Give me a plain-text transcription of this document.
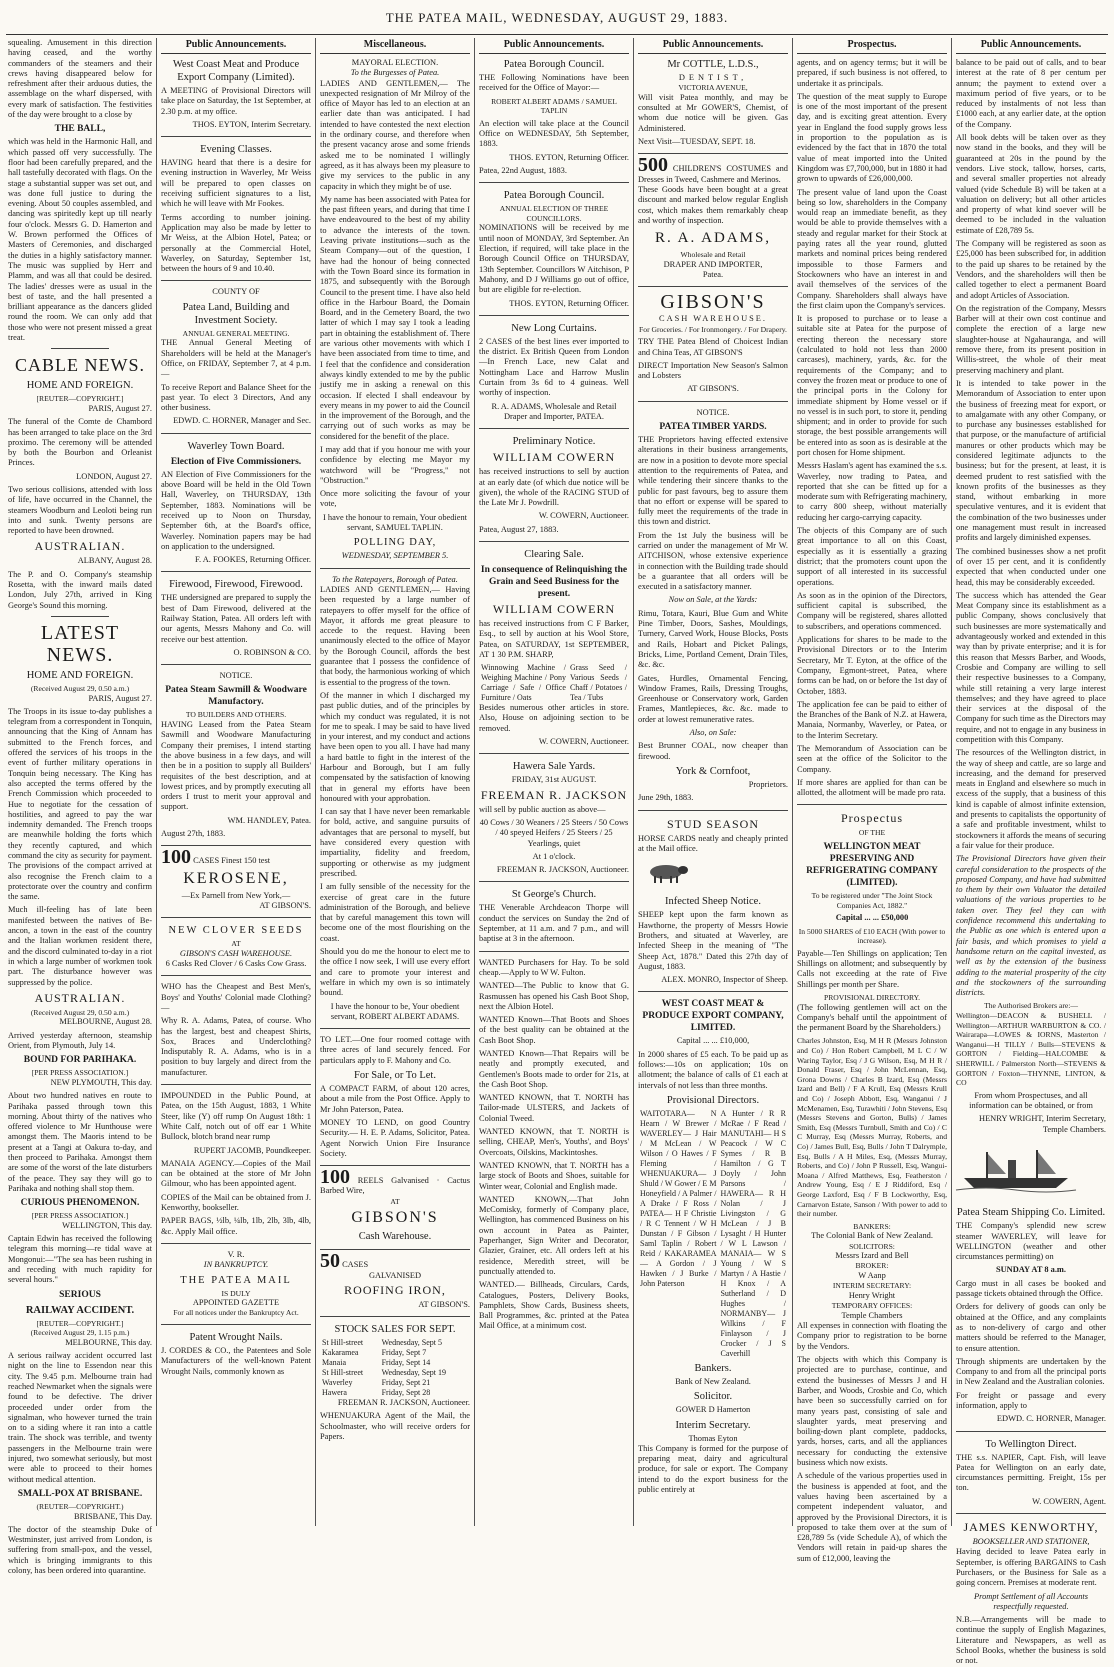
THE PATEA MAIL, WEDNESDAY, AUGUST 29, 1883.

squealing. Amusement in this direction having ceased, and the worthy commanders of the steamers and their crews having disappeared below for refreshment after their arduous duties, the assemblage on the wharf dispersed, with every mark of satisfaction. The festivities of the day were brought to a close by

THE BALL,

which was held in the Harmonic Hall, and which passed off very successfully. The floor had been carefully prepared, and the hall tastefully decorated with flags. On the stage a substantial supper was set out, and was done full justice to during the evening. About 50 couples assembled, and dancing was spiritedly kept up till nearly four o'clock. Messrs G. D. Hamerton and W. Brown performed the Offices of Masters of Ceremonies, and discharged the duties in a highly satisfactory manner. The music was supplied by Herr and Plamm, and was all that could be desired. The ladies' dresses were as usual in the best of taste, and the hall presented a brilliant appearance as the dancers glided round the room. We can only add that those who were not present missed a great treat.

CABLE NEWS.
HOME AND FOREIGN.
[REUTER—COPYRIGHT.]

PARIS, August 27.

The funeral of the Comte de Chambord has been arranged to take place on the 3rd proximo. The ceremony will be attended by both the Bourbon and Orleanist Princes.

LONDON, August 27.

Two serious collisions, attended with loss of life, have occurred in the Channel, the steamers Woodburn and Leoloti being run into and sunk. Twenty persons are reported to have been drowned.

AUSTRALIAN.

ALBANY, August 28.

The P. and O. Company's steamship Rosetta, with the inward mails dated London, July 27th, arrived in King George's Sound this morning.

LATEST NEWS.
HOME AND FOREIGN.
(Received August 29, 0.50 a.m.)

PARIS, August 27.

The Troops in its issue to-day publishes a telegram from a correspondent in Tonquin, announcing that the King of Annam has submitted to the French forces, and offered the services of his troops in the event of further military operations in Tonquin being necessary. The King has also accepted the terms offered by the French Commission which proceeded to Hue to negotiate for the cessation of hostilities, and agreed to pay the war indemnity demanded. The French troops are meanwhile holding the forts which they recently captured, and which command the city as security for payment. The provisions of the compact arrived at also recognise the French claim to a protectorate over the country and confirm the same.

Much ill-feeling has of late been manifested between the natives of Be-ancon, a town in the east of the country and the Italian workmen resident there, and the discord culminated to-day in a riot in which a large number of workmen took part. The disturbance however was suppressed by the police.

AUSTRALIAN.
(Received August 29, 0.50 a.m.)

MELBOURNE, August 28.

Arrived yesterday afternoon, steamship Orient, from Plymouth, July 14.

BOUND FOR PARIHAKA.
[PER PRESS ASSOCIATION.]

NEW PLYMOUTH, This day.

About two hundred natives en route to Parihaka passed through town this morning. About thirty of the natives who offered violence to Mr Hunthouse were amongst them. The Maoris intend to be present at a Tangi at Oakura to-day, and then proceed to Parihaka. Amongst them are some of the worst of the late disturbers of the peace. They say they will go to Parihaka and nothing shall stop them.

CURIOUS PHENOMENON.
[PER PRESS ASSOCIATION.]

WELLINGTON, This day.

Captain Edwin has received the following telegram this morning—re tidal wave at Mongonui:—"The sea has been rushing in and receding with much rapidity for several hours."

SERIOUS
RAILWAY ACCIDENT.
[REUTER—COPYRIGHT.]
(Received August 29, 1.15 p.m.)

MELBOURNE, This day.

A serious railway accident occurred last night on the line to Essendon near this city. The 9.45 p.m. Melbourne train had reached Newmarket when the signals were found to be defective. The driver proceeded under order from the signalman, who however turned the train on to a siding where it ran into a cattle train. The shock was terrible, and twenty passengers in the Melbourne train were injured, two somewhat seriously, but most were able to proceed to their homes without medical attention.

SMALL-POX AT BRISBANE.
(REUTER—COPYRIGHT.)

BRISBANE, This Day.

The doctor of the steamship Duke of Westminster, just arrived from London, is suffering from small-pox, and the vessel, which is bringing immigrants to this colony, has been ordered into quarantine.

Public Announcements.
West Coast Meat and Produce Export Company (Limited).

A MEETING of Provisional Directors will take place on Saturday, the 1st September, at 2.30 p.m. at my office.

THOS. EYTON, Interim Secretary.

Evening Classes.

HAVING heard that there is a desire for evening instruction in Waverley, Mr Weiss will be prepared to open classes on receiving sufficient signatures to a list, which he will leave with Mr Fookes.

Terms according to number joining. Application may also be made by letter to Mr Weiss, at the Albion Hotel, Patea; or personally at the Commercial Hotel, Waverley, on Saturday, September 1st, between the hours of 9 and 10.40.

COUNTY OF
Patea Land, Building and Investment Society.
ANNUAL GENERAL MEETING.

THE Annual General Meeting of Shareholders will be held at the Manager's Office, on FRIDAY, September 7, at 4 p.m.—

To receive Report and Balance Sheet for the past year. To elect 3 Directors, And any other business.

EDWD. C. HORNER, Manager and Sec.

Waverley Town Board.
Election of Five Commissioners.

AN Election of Five Commissioners for the above Board will be held in the Old Town Hall, Waverley, on THURSDAY, 13th September, 1883. Nominations will be received up to Noon on Thursday, September 6th, at the Board's office, Waverley. Nomination papers may be had on application to the undersigned.

F. A. FOOKES, Returning Officer.

Firewood, Firewood, Firewood.

THE undersigned are prepared to supply the best of Dam Firewood, delivered at the Railway Station, Patea. All orders left with our agents, Messrs Mahony and Co. will receive our best attention.

O. ROBINSON & CO.

NOTICE.
Patea Steam Sawmill & Woodware Manufactory.
TO BUILDERS AND OTHERS.

HAVING Leased from the Patea Steam Sawmill and Woodware Manufacturing Company their premises, I intend starting the above business in a few days, and will then be in a position to supply all Builders' requisites of the best description, and at lowest prices, and by promptly executing all orders I trust to merit your approval and support.

WM. HANDLEY, Patea.

August 27th, 1883.

100 CASES Finest 150 test
KEROSENE,
—Ex Parnell from New York,—
AT GIBSON'S.
NEW CLOVER SEEDS
AT
GIBSON'S CASH WAREHOUSE.
6 Casks Red Clover / 6 Casks Cow Grass.

WHO has the Cheapest and Best Men's, Boys' and Youths' Colonial made Clothing?—

Why R. A. Adams, Patea, of course. Who has the largest, best and cheapest Shirts, Sox, Braces and Underclothing? Indisputably R. A. Adams, who is in a position to buy largely and direct from the manufacturer.

IMPOUNDED in the Public Pound, at Patea, on the 15th August, 1883, 1 White Steer, like (Y) off rump On August 18th: 1 White Calf, notch out of off ear 1 White Bullock, blotch brand near rump

RUPERT JACOMB, Poundkeeper.

MANAIA AGENCY.—Copies of the Mail can be obtained at the store of Mr John Gilmour, who has been appointed agent.

COPIES of the Mail can be obtained from J. Kenworthy, bookseller.

PAPER BAGS, ½lb, ¼lb, 1lb, 2lb, 3lb, 4lb, &c. Apply Mail office.

V. R.
IN BANKRUPTCY.
THE PATEA MAIL
IS DULY
APPOINTED GAZETTE
For all notices under the Bankruptcy Act.
Patent Wrought Nails.

J. CORDES & CO., the Patentees and Sole Manufacturers of the well-known Patent Wrought Nails, commonly known as

Miscellaneous.
MAYORAL ELECTION.
To the Burgesses of Patea.

LADIES AND GENTLEMEN,— The unexpected resignation of Mr Milroy of the office of Mayor has led to an election at an earlier date than was anticipated. I had intended to have contested the next election in the ordinary course, and therefore when the present vacancy arose and some friends asked me to be nominated I willingly agreed, as it has always been my pleasure to give my services to the public in any capacity in which they might be of use.

My name has been associated with Patea for the past fifteen years, and during that time I have endeavoured to the best of my ability to advance the interests of the town. Leaving private institutions—such as the Steam Company—out of the question, I have had the honour of being connected with the Town Board since its formation in 1875, and subsequently with the Borough Council to the present time. I have also held office in the Harbour Board, the Domain Board, and in the Cemetery Board, the two latter of which I may say I took a leading part in obtaining the establishment of. There are various other movements with which I have been associated from time to time, and I feel that the confidence and consideration always kindly extended to me by the public justify me in asking a renewal on this occasion. If elected I shall endeavour by every means in my power to aid the Council in the improvement of the Borough, and the carrying out of such works as may be considered for the benefit of the place.

I may add that if you honour me with your confidence by electing me Mayor my watchword will be "Progress," not "Obstruction."

Once more soliciting the favour of your vote,

I have the honour to remain, Your obedient servant, SAMUEL TAPLIN.

POLLING DAY,
WEDNESDAY, SEPTEMBER 5.
To the Ratepayers, Borough of Patea.

LADIES AND GENTLEMEN,— Having been requested by a large number of ratepayers to offer myself for the office of Mayor, it affords me great pleasure to accede to the request. Having been unanimously elected to the office of Mayor by the Borough Council, affords the best guarantee that I possess the confidence of that body, the harmonious working of which is essential to the progress of the town.

Of the manner in which I discharged my past public duties, and of the principles by which my conduct was regulated, it is not for me to speak. I may be said to have lived in your interest, and my conduct and actions have been open to you all. I have had many a hard battle to fight in the interest of the Harbour and Borough, but I am fully compensated by the satisfaction of knowing that in general my efforts have been honoured with your approbation.

I can say that I have never been remarkable for bold, active, and sanguine pursuits of advantages that are personal to myself, but have considered every question with impartiality, fidelity and freedom, supporting or otherwise as my judgment prescribed.

I am fully sensible of the necessity for the exercise of great care in the future administration of the Borough, and believe that by careful management this town will become one of the most flourishing on the coast.

Should you do me the honour to elect me to the office I now seek, I will use every effort and care to promote your interest and welfare in which my own is so intimately bound.

I have the honour to be, Your obedient servant, ROBERT ALBERT ADAMS.

TO LET.—One four roomed cottage with three acres of land securely fenced. For particulars apply to F. Mahony and Co.

For Sale, or To Let.

A COMPACT FARM, of about 120 acres, about a mile from the Post Office. Apply to Mr John Paterson, Patea.

MONEY TO LEND, on good Country Security.— H. E. P. Adams, Solicitor, Patea. Agent Norwich Union Fire Insurance Society.

100 REELS Galvanised · Cactus Barbed Wire,
AT
GIBSON'S
Cash Warehouse.
50 CASES
GALVANISED
ROOFING IRON,
AT GIBSON'S.
STOCK SALES FOR SEPT.
St Hill-street	Wednesday, Sept 5
Kakaramea	Friday, Sept 7
Manaia	Friday, Sept 14
St Hill-street	Wednesday, Sept 19
Waverley	Friday, Sept 21
Hawera	Friday, Sept 28

FREEMAN R. JACKSON, Auctioneer.

WHENUAKURA Agent of the Mail, the Schoolmaster, who will receive orders for Papers.

Public Announcements.
Patea Borough Council.

THE Following Nominations have been received for the Office of Mayor:—

ROBERT ALBERT ADAMS / SAMUEL TAPLIN

An election will take place at the Council Office on WEDNESDAY, 5th September, 1883.

THOS. EYTON, Returning Officer.

Patea, 22nd August, 1883.

Patea Borough Council.
ANNUAL ELECTION OF THREE COUNCILLORS.

NOMINATIONS will be received by me until noon of MONDAY, 3rd September. An Election, if required, will take place in the Borough Council Office on THURSDAY, 13th September. Councillors W Aitchison, P Mahony, and D J Williams go out of office, but are eligible for re-election.

THOS. EYTON, Returning Officer.

New Long Curtains.

2 CASES of the best lines ever imported to the district. Ex British Queen from London—In French Lace, new Calat and Nottingham Lace and Harrow Muslin Curtain from 3s 6d to 4 guineas. Well worthy of inspection.

R. A. ADAMS, Wholesale and Retail Draper and Importer, PATEA.

Preliminary Notice.
WILLIAM COWERN

has received instructions to sell by auction at an early date (of which due notice will be given), the whole of the RACING STUD of the Late Mr J. Powdrill.

W. COWERN, Auctioneer.

Patea, August 27, 1883.

Clearing Sale.
In consequence of Relinquishing the Grain and Seed Business for the present.
WILLIAM COWERN

has received instructions from C F Barker, Esq., to sell by auction at his Wool Store, Patea, on SATURDAY, 1st SEPTEMBER, AT 1 30 P.M. SHARP,

Winnowing Machine / Weighing Machine / Pony Carriage / Safe / Office Furniture / Oats	Grass Seed / Various Seeds / Chaff / Potatoes / Tea / Tubs

Besides numerous other articles in store. Also, House on adjoining section to be removed.

W. COWERN, Auctioneer.

Hawera Sale Yards.
FRIDAY, 31st AUGUST.
FREEMAN R. JACKSON

will sell by public auction as above—

40 Cows / 30 Weaners / 25 Steers / 50 Cows / 40 speyed Heifers / 25 Steers / 25 Yearlings, quiet

At 1 o'clock.

FREEMAN R. JACKSON, Auctioneer.

St George's Church.

THE Venerable Archdeacon Thorpe will conduct the services on Sunday the 2nd of September, at 11 a.m. and 7 p.m., and will baptise at 3 in the afternoon.

WANTED Purchasers for Hay. To be sold cheap.—Apply to W W. Fulton.

WANTED—The Public to know that G. Rasmussen has opened his Cash Boot Shop, next the Albion Hotel.

WANTED Known—That Boots and Shoes of the best quality can be obtained at the Cash Boot Shop.

WANTED Known—That Repairs will be neatly and promptly executed, and Gentlemen's Boots made to order for 21s, at the Cash Boot Shop.

WANTED KNOWN, that T. NORTH has Tailor-made ULSTERS, and Jackets of Colonial Tweed.

WANTED KNOWN, that T. NORTH is selling, CHEAP, Men's, Youths', and Boys' Overcoats, Oilskins, Mackintoshes.

WANTED KNOWN, that T. NORTH has a large stock of Boots and Shoes, suitable for Winter wear, Colonial and English made.

WANTED KNOWN,—That John McComisky, formerly of Company place, Wellington, has commenced Business on his own account in Patea as Painter, Paperhanger, Sign Writer and Decorator, Glazier, Grainer, etc. All orders left at his residence, Meredith street, will be punctually attended to.

WANTED.— Billheads, Circulars, Cards, Catalogues, Posters, Delivery Books, Pamphlets, Show Cards, Business sheets, Ball Programmes, &c. printed at the Patea Mail Office, at a minimum cost.

Public Announcements.
Mr COTTLE, L.D.S.,
DENTIST,
VICTORIA AVENUE,

Will visit Patea monthly, and may be consulted at Mr GOWER'S, Chemist, of whom due notice will be given. Gas Administered.

Next Visit—TUESDAY, SEPT. 18.

500 CHILDREN'S COSTUMES and Dresses in Tweed, Cashmere and Merinos.

These Goods have been bought at a great discount and marked below regular English cost, which makes them remarkably cheap and worthy of inspection.

R. A. ADAMS,
Wholesale and Retail
DRAPER AND IMPORTER,
Patea.
GIBSON'S
CASH WAREHOUSE.

For Groceries. / For Ironmongery. / For Drapery.

TRY THE Patea Blend of Choicest Indian and China Teas, AT GIBSON'S

DIRECT Importation New Season's Salmon and Lobsters

AT GIBSON'S.

NOTICE.
PATEA TIMBER YARDS.

THE Proprietors having effected extensive alterations in their business arrangements, are now in a position to devote more special attention to the requirements of Patea, and while tendering their sincere thanks to the public for past favours, beg to assure them that no effort or expense will be spared to fully meet the requirements of the trade in this town and district.

From the 1st July the business will be carried on under the management of Mr W. AITCHISON, whose extensive experience in connection with the Building trade should be a guarantee that all orders will be executed in a satisfactory manner.

Now on Sale, at the Yards:

Rimu, Totara, Kauri, Blue Gum and White Pine Timber, Doors, Sashes, Mouldings, Turnery, Carved Work, House Blocks, Posts and Rails, Hobart and Picket Palings, Bricks, Lime, Portland Cement, Drain Tiles, &c. &c.

Gates, Hurdles, Ornamental Fencing, Window Frames, Rails, Dressing Troughs, Greenhouse or Conservatory work, Garden Frames, Mantlepieces, &c. &c. made to order at lowest remunerative rates.

Also, on Sale:

Best Brunner COAL, now cheaper than firewood.

York & Cornfoot,

Proprietors.

June 29th, 1883.

STUD SEASON

HORSE CARDS neatly and cheaply printed at the Mail office.

Infected Sheep Notice.

SHEEP kept upon the farm known as Hawthorne, the property of Messrs Howie Brothers, and situated at Waverley, are Infected Sheep in the meaning of "The Sheep Act, 1878." Dated this 27th day of August, 1883.

ALEX. MONRO, Inspector of Sheep.

WEST COAST MEAT & PRODUCE EXPORT COMPANY, LIMITED.

Capital ... ... £10,000,

In 2000 shares of £5 each. To be paid up as follows:—10s on application; 10s on allotment; the balance of calls of £1 each at intervals of not less than three months.

Provisional Directors.
WAITOTARA— N Hearn / W Brewer / WAVERLEY— J Hair / M McLean / W Wilson / O Hawes / F Fleming / WHENUAKURA— J Shuld / W Gower / E M Honeyfield / A Palmer / A Drake / F Ross / PATEA— H F Christie / R C Tennent / W H Dunstan / F Gibson / Saml Taplin / Robert Reid / KAKARAMEA— A Gordon / J Hawken / J Burke / John Paterson	A Hunter / R R McRae / F Read / MANUTAHI— H S Peacock / W C Symes / R B Hamilton / G T Doyly / John Parsons / HAWERA— R H Nolan / J Livingston / G McLean / J B Lysaght / H Hunter / W L Lawson / MANAIA— W S Young / W S Martyn / A Hastie / H Knox / A Sutherland / D Hughes / NORMANBY— J Wilkins / F Finlayson / J Crocker / J S Caverhill
Bankers.
Bank of New Zealand.
Solicitor.
GOWER D Hamerton
Interim Secretary.
Thomas Eyton

This Company is formed for the purpose of preparing meat, dairy and agricultural produce, for sale or export. The Company intend to do the export business for the public entirely at

Prospectus.

agents, and on agency terms; but it will be prepared, if such business is not offered, to undertake it as principals.

The question of the meat supply to Europe is one of the most important of the present day, and is exciting great attention. Every year in England the food supply grows less in proportion to the population as is evidenced by the fact that in 1870 the total value of meat imported into the United Kingdom was £7,700,000, but in 1880 it had grown to upwards of £26,000,000.

The present value of land upon the Coast being so low, shareholders in the Company would reap an immediate benefit, as they would be able to provide themselves with a steady and regular market for their Stock at paying rates all the year round, glutted markets and nominal prices being rendered impossible to those Farmers and Stockowners who have an interest in and avail themselves of the services of the Company. Shareholders shall always have the first claim upon the Company's services.

It is proposed to purchase or to lease a suitable site at Patea for the purpose of erecting thereon the necessary store (calculated to hold not less than 2000 carcases), machinery, yards, &c. for the requirements of the Company; and to convey the frozen meat or produce to one of the principal ports in the Colony for immediate shipment by Home vessel or if no vessel is in such port, to store it, pending shipment; and in order to provide for such storage, the best possible arrangements will be entered into as soon as is desirable at the port chosen for Home shipment.

Messrs Haslam's agent has examined the s.s. Waverley, now trading to Patea, and reported that she can be fitted up for a moderate sum with Refrigerating machinery, to carry 800 sheep, without materially reducing her cargo-carrying capacity.

The objects of this Company are of such great importance to all on this Coast, especially as it is essentially a grazing district; that the promoters count upon the support of all interested in its successful operations.

As soon as in the opinion of the Directors, sufficient capital is subscribed, the Company will be registered, shares allotted to subscribers, and operations commenced.

Applications for shares to be made to the Provisional Directors or to the Interim Secretary, Mr T. Eyton, at the office of the Company, Egmont-street, Patea, where forms can be had, on or before the 1st day of October, 1883.

The application fee can be paid to either of the Branches of the Bank of N.Z. at Hawera, Manaia, Normanby, Waverley, or Patea, or to the Interim Secretary.

The Memorandum of Association can be seen at the office of the Solicitor to the Company.

If more shares are applied for than can be allotted, the allotment will be made pro rata.

Prospectus
OF THE
WELLINGTON MEAT PRESERVING AND REFRIGERATING COMPANY (LIMITED).

To be registered under "The Joint Stock Companies Act, 1882."

Capital ... ... £50,000

In 5000 SHARES of £10 EACH (With power to increase).

Payable—Ten Shillings on application; Ten Shillings on allotment; and subsequently by Calls not exceeding at the rate of Five Shillings per month per Share.

PROVISIONAL DIRECTORY.

(The following gentlemen will act on the Company's behalf until the appointment of the permanent Board by the Shareholders.)

Charles Johnston, Esq, M H R (Messrs Johnston and Co) / Hon Robert Campbell, M L C / W Waring Taylor, Esq / J G Wilson, Esq, M H R / Donald Fraser, Esq / John McLennan, Esq, Grona Downs / Charles B Izard, Esq (Messrs Izard and Bell) / F A Krull, Esq (Messrs Krull and Co) / Joseph Abbott, Esq, Wanganui / J McMenamen, Esq, Turawhiti / John Stevens, Esq (Messrs Stevens and Gorton, Bulls) / James Smith, Esq (Messrs Turnbull, Smith and Co) / C C Murray, Esq (Messrs Murray, Roberts, and Co) / James Bull, Esq, Bulls / John T Dalrymple, Esq, Bulls / A H Miles, Esq, (Messrs Murray, Roberts, and Co) / John P Russell, Esq, Wangui-Moana / Alfred Matthews, Esq, Featherston / Andrew Young, Esq / E J Riddiford, Esq / George Laxford, Esq / F B Lockworthy, Esq, Carnarvon Estate, Sanson / With power to add to their number.

BANKERS:
The Colonial Bank of New Zealand.
SOLICITORS:
Messrs Izard and Bell
BROKER:
W Aanp
INTERIM SECRETARY:
Henry Wright
TEMPORARY OFFICES:
Temple Chambers

All expenses in connection with floating the Company prior to registration to be borne by the Vendors.

The objects with which this Company is projected are to purchase, continue, and extend the businesses of Messrs J and H Barber, and Woods, Crosbie and Co, which have been so successfully carried on for many years past, consisting of sale and slaughter yards, meat preserving and boiling-down plant complete, paddocks, yards, horses, carts, and all the appliances necessary for conducting the extensive business which now exists.

A schedule of the various properties used in the business is appended at foot, and the values having been ascertained by a competent independent valuator, and approved by the Provisional Directors, it is proposed to take them over at the sum of £28,789 5s (vide Schedule A), of which the Vendors will retain in paid-up shares the sum of £12,000, leaving the

Public Announcements.

balance to be paid out of calls, and to bear interest at the rate of 8 per centum per annum; the payment to extend over a maximum period of five years, or to be reduced by instalments of not less than £1000 each, at any earlier date, at the option of the Company.

All book debts will be taken over as they now stand in the books, and they will be guaranteed at 20s in the pound by the vendors. Live stock, tallow, horses, carts, and several smaller properties not already valued (vide Schedule B) will be taken at a valuation on delivery; but all other articles and property of what kind soever will be deemed to be included in the valuation estimate of £28,789 5s.

The Company will be registered as soon as £25,000 has been subscribed for, in addition to the paid up shares to be retained by the Vendors, and the shareholders will then be called together to elect a permanent Board and adopt Articles of Association.

On the registration of the Company, Messrs Barber will at their own cost continue and complete the erection of a large new slaughter-house at Ngahauranga, and will remove there, from its present position in Willis-street, the whole of their meat preserving machinery and plant.

It is intended to take power in the Memorandum of Association to enter upon the business of freezing meat for export, or to amalgamate with any other Company, or to purchase any businesses established for that purpose, or the manufacture of artificial manures or other products which may be considered legitimate adjuncts to the business; but for the present, at least, it is deemed prudent to rest satisfied with the known profits of the businesses as they stand, without embarking in more speculative ventures, and it is evident that the combination of the two businesses under one management must result in increased profits and largely diminished expenses.

The combined businesses show a net profit of over 15 per cent, and it is confidently expected that when conducted under one head, this may be considerably exceeded.

The success which has attended the Gear Meat Company since its establishment as a public Company, shows conclusively that such businesses are more systematically and advantageously worked and extended in this way than by private enterprise; and it is for this reason that Messrs Barber, and Woods, Crosbie and Company are willing to sell their respective businesses to a Company, while still retaining a very large interest themselves; and they have agreed to place their services at the disposal of the Company for such time as the Directors may require, and not to engage in any business in competition with this Company.

The resources of the Wellington district, in the way of sheep and cattle, are so large and increasing, and the demand for preserved meats in England and elsewhere so much in excess of the supply, that a business of this kind is capable of almost infinite extension, and presents to capitalists the opportunity of a safe and profitable investment, whilst to stockowners it affords the means of securing a fair value for their produce.

The Provisional Directors have given their careful consideration to the prospects of the proposed Company, and have had submitted to them by their own Valuator the detailed valuations of the various properties to be taken over. They feel they can with confidence recommend this undertaking to the Public as one which is entered upon a fair basis, and which promises to yield a handsome return on the capital invested, as well as by the extension of the business adding to the material prosperity of the city and the stockowners of the surrounding districts.

The Authorised Brokers are:—

Wellington—DEACON & BUSHELL / Wellington—ARTHUR WARBURTON & CO. / Wairarapa—LOWES & IORNS, Masterton / Wanganui—H TILLY / Bulls—STEVENS & GORTON / Fielding—HALCOMBE & SHERWILL / Palmerston North—STEVENS & GORTON / Foxton—THYNNE, LINTON, & CO

From whom Prospectuses, and all information can be obtained, or from

HENRY WRIGHT, Interim Secretary, Temple Chambers.

Patea Steam Shipping Co. Limited.

THE Company's splendid new screw steamer WAVERLEY, will leave for WELLINGTON (weather and other circumstances permitting) on

SUNDAY AT 8 a.m.

Cargo must in all cases be booked and passage tickets obtained through the Office.

Orders for delivery of goods can only be obtained at the Office, and any complaints as to non-delivery of cargo and other matters should be referred to the Manager, to ensure attention.

Through shipments are undertaken by the Company to and from all the principal ports in New Zealand and the Australian colonies.

For freight or passage and every information, apply to

EDWD. C. HORNER, Manager.

To Wellington Direct.

THE s.s. NAPIER, Capt. Fish, will leave Patea for Wellington on an early date, circumstances permitting. Freight, 15s per ton.

W. COWERN, Agent.

JAMES KENWORTHY,
BOOKSELLER AND STATIONER,

Having decided to leave Patea early in September, is offering BARGAINS to Cash Purchasers, or the Business for Sale as a going concern. Premises at moderate rent.

Prompt Settlement of all Accounts respectfully requested.

N.B.—Arrangements will be made to continue the supply of English Magazines, Literature and Newspapers, as well as School Books, whether the business is sold or not.
